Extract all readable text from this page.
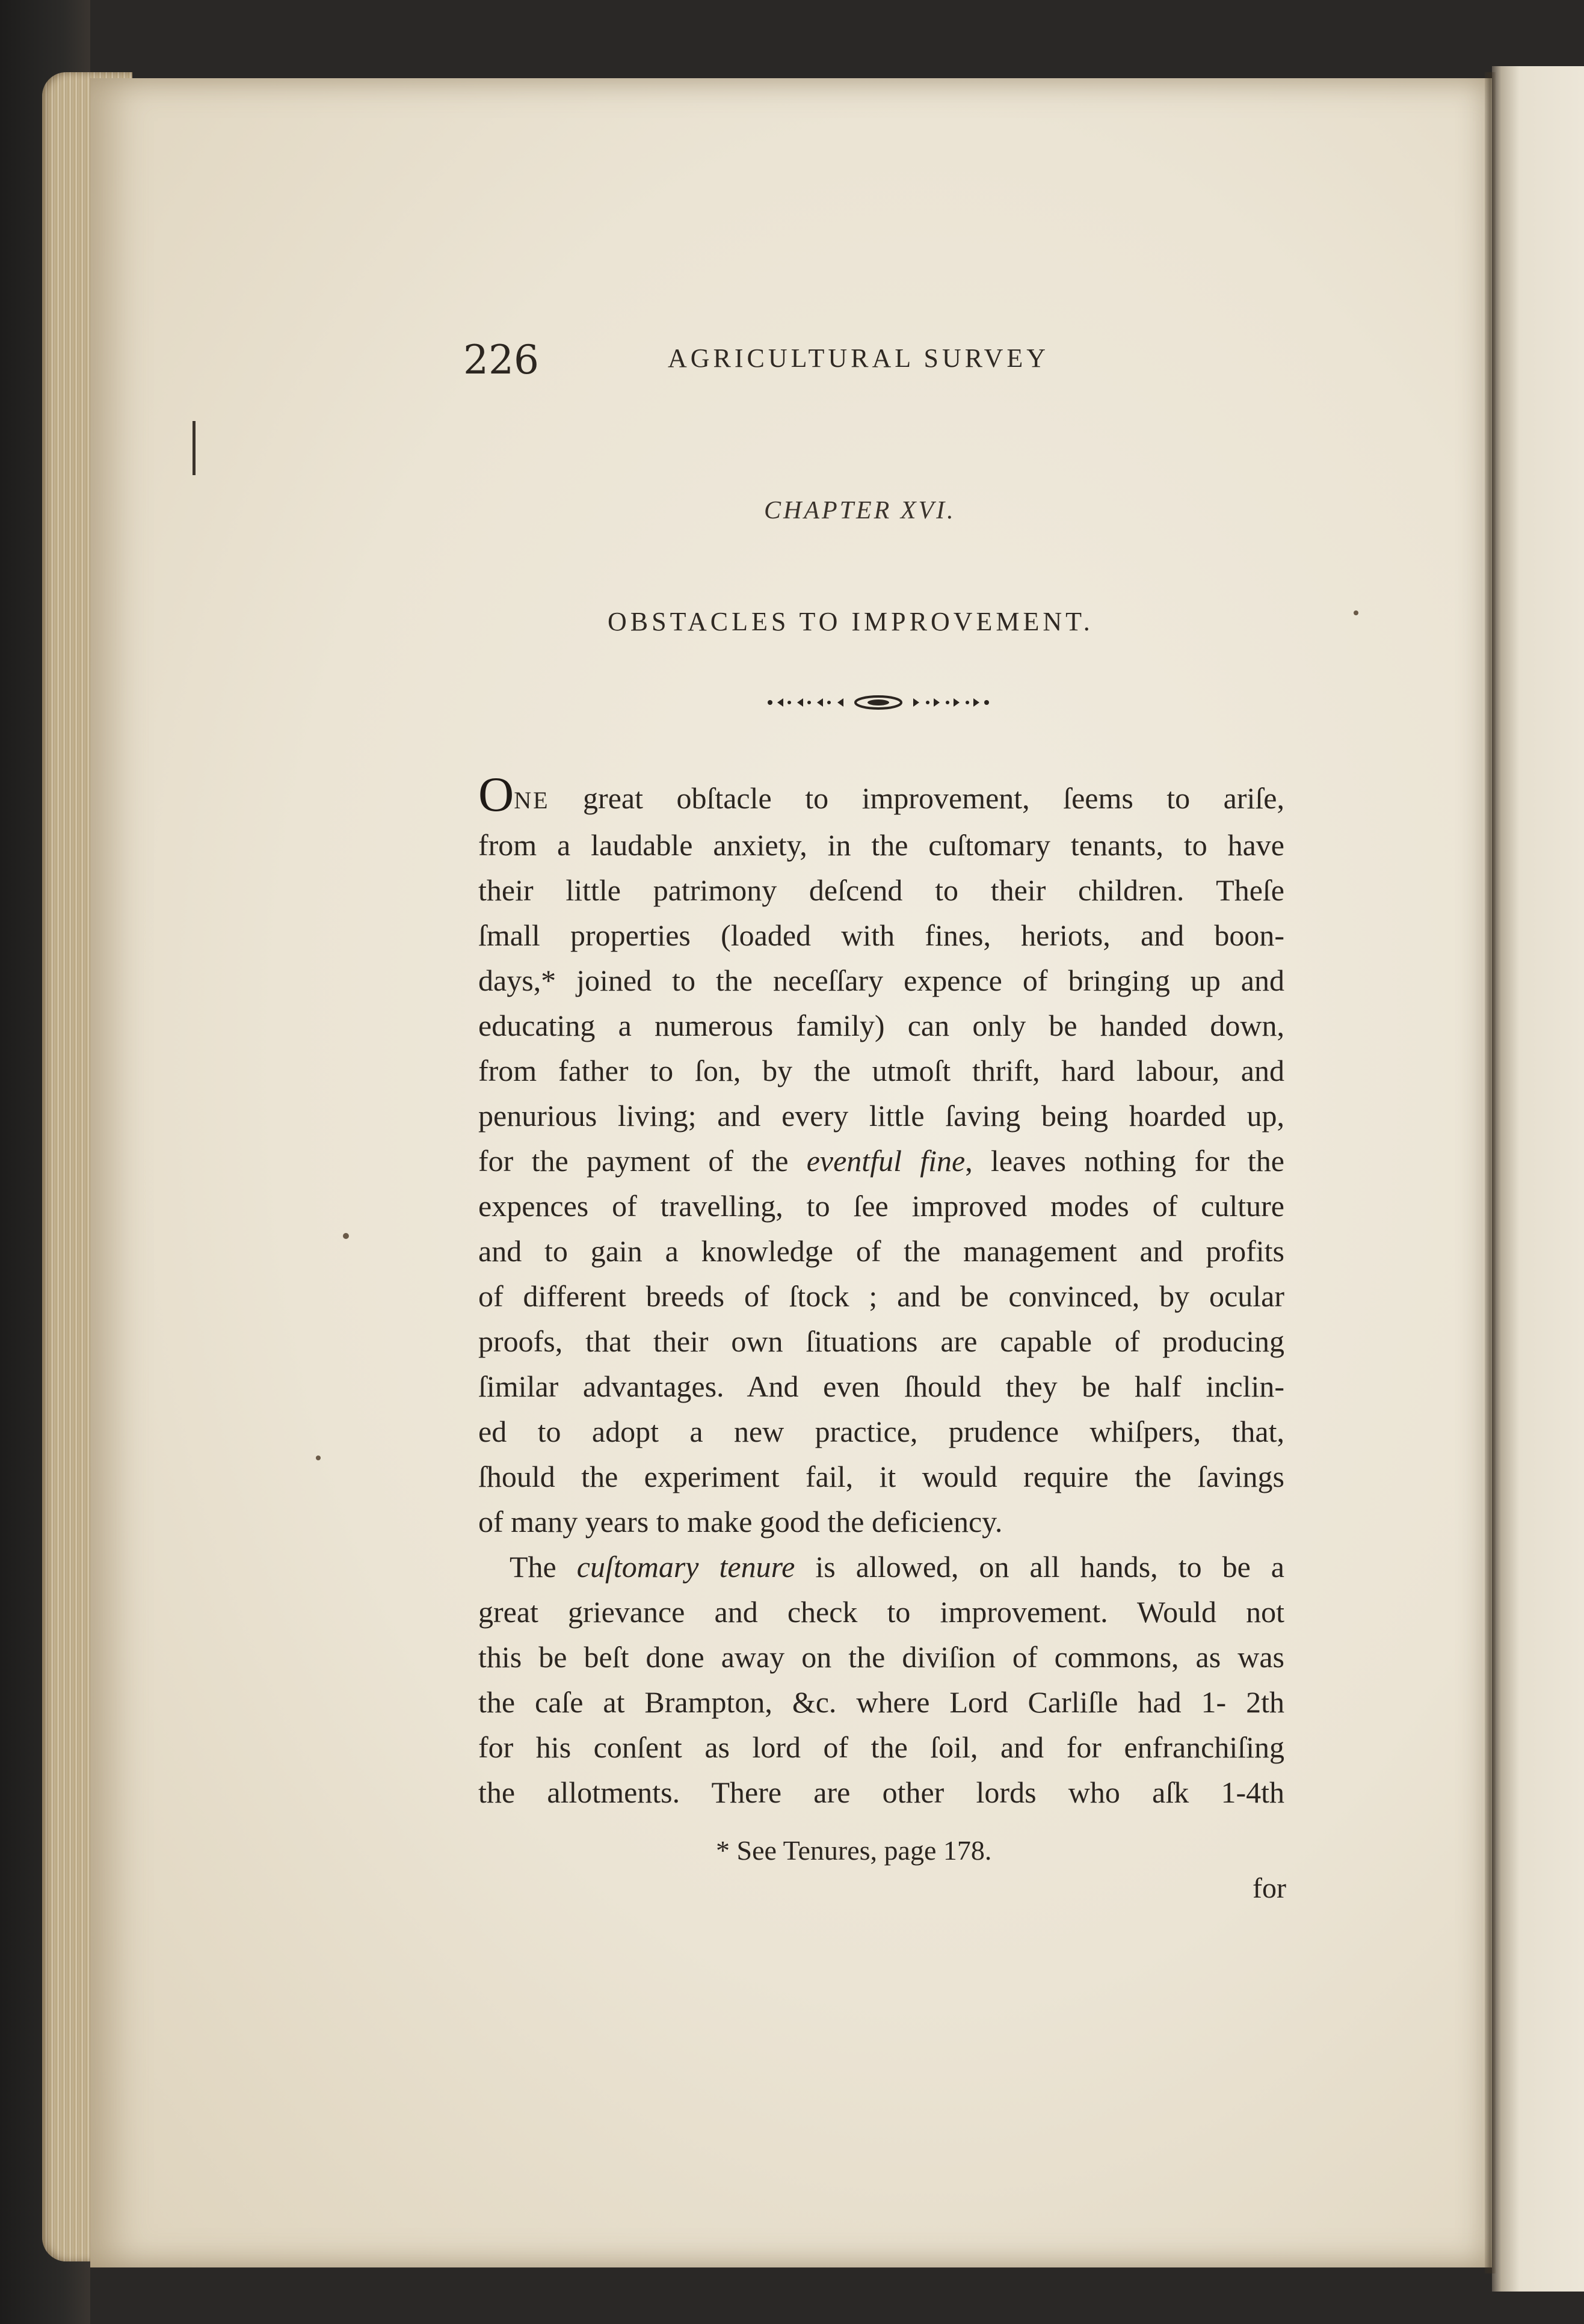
226	AGRICULTURAL SURVEY
CHAPTER XVI.
OBSTACLES TO IMPROVEMENT.
ONE great obſtacle to improvement, ſeems to ariſe,
from a laudable anxiety, in the cuſtomary tenants, to have
their little patrimony deſcend to their children. Theſe
ſmall properties (loaded with fines, heriots, and boon-
days,* joined to the neceſſary expence of bringing up and
educating a numerous family) can only be handed down,
from father to ſon, by the utmoſt thrift, hard labour, and
penurious living; and every little ſaving being hoarded up,
for the payment of the eventful fine, leaves nothing for the
expences of travelling, to ſee improved modes of culture
and to gain a knowledge of the management and profits
of different breeds of ſtock ; and be convinced, by ocular
proofs, that their own ſituations are capable of producing
ſimilar advantages. And even ſhould they be half inclin-
ed to adopt a new practice, prudence whiſpers, that,
ſhould the experiment fail, it would require the ſavings
of many years to make good the deficiency.
The cuſtomary tenure is allowed, on all hands, to be a
great grievance and check to improvement. Would not
this be beſt done away on the diviſion of commons, as was
the caſe at Brampton, &c. where Lord Carliſle had 1- 2th
for his conſent as lord of the ſoil, and for enfranchiſing
the allotments. There are other lords who aſk 1-4th
* See Tenures, page 178.
for
